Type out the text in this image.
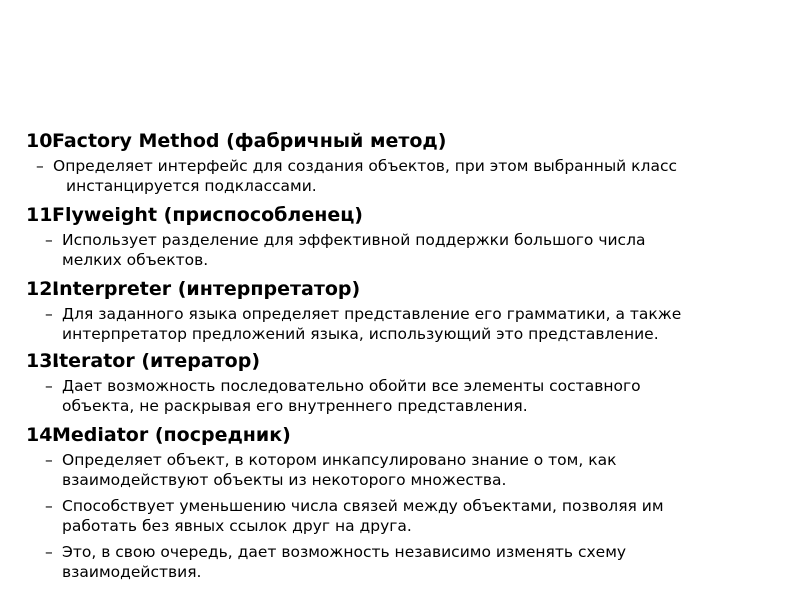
10.
Factory Method (фабричный метод)
– Определяет интерфейс для создания объектов, при этом выбранный класс
инстанцируется подклассами.
11.
Flyweight (приспособленец)
– Использует разделение для эффективной поддержки большого числа
мелких объектов.
12.
Interpreter (интерпретатор)
– Для заданного языка определяет представление его грамматики, а также
интерпретатор предложений языка, использующий это представление.
13.
Iterator (итератор)
– Дает возможность последовательно обойти все элементы составного
объекта, не раскрывая его внутреннего представления.
14.
Mediator (посредник)
– Определяет объект, в котором инкапсулировано знание о том, как
взаимодействуют объекты из некоторого множества.
– Способствует уменьшению числа связей между объектами, позволяя им
работать без явных ссылок друг на друга.
– Это, в свою очередь, дает возможность независимо изменять схему
взаимодействия.
